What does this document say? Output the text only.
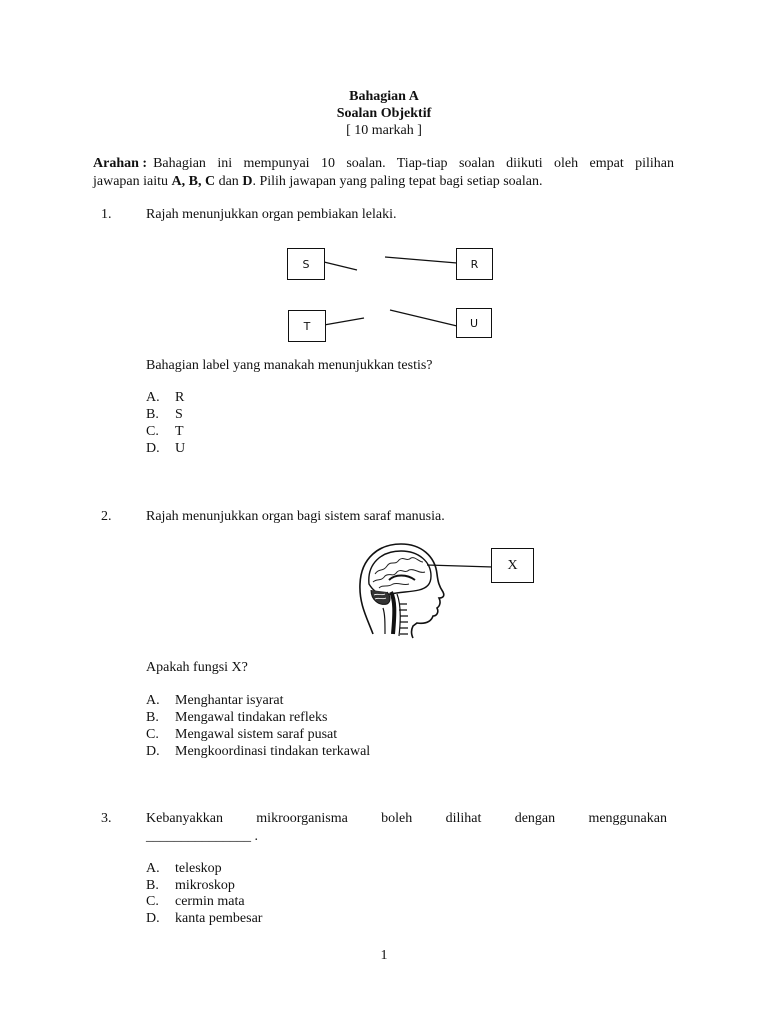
Bahagian A
Soalan Objektif
[ 10 markah ]
Arahan : Bahagian ini mempunyai 10 soalan. Tiap-tiap soalan diikuti oleh empat pilihan
jawapan iaitu A, B, C dan D. Pilih jawapan yang paling tepat bagi setiap soalan.
1. Rajah menunjukkan organ pembiakan lelaki.
S	R
T	U
Bahagian label yang manakah menunjukkan testis?
A. R
B. S
C. T
D. U
2. Rajah menunjukkan organ bagi sistem saraf manusia.
X
Apakah fungsi X?
A. Menghantar isyarat
B. Mengawal tindakan refleks
C. Mengawal sistem saraf pusat
D. Mengkoordinasi tindakan terkawal
3. Kebanyakkan mikroorganisma boleh dilihat dengan menggunakan
_______________ .
A. teleskop
B. mikroskop
C. cermin mata
D. kanta pembesar
1
